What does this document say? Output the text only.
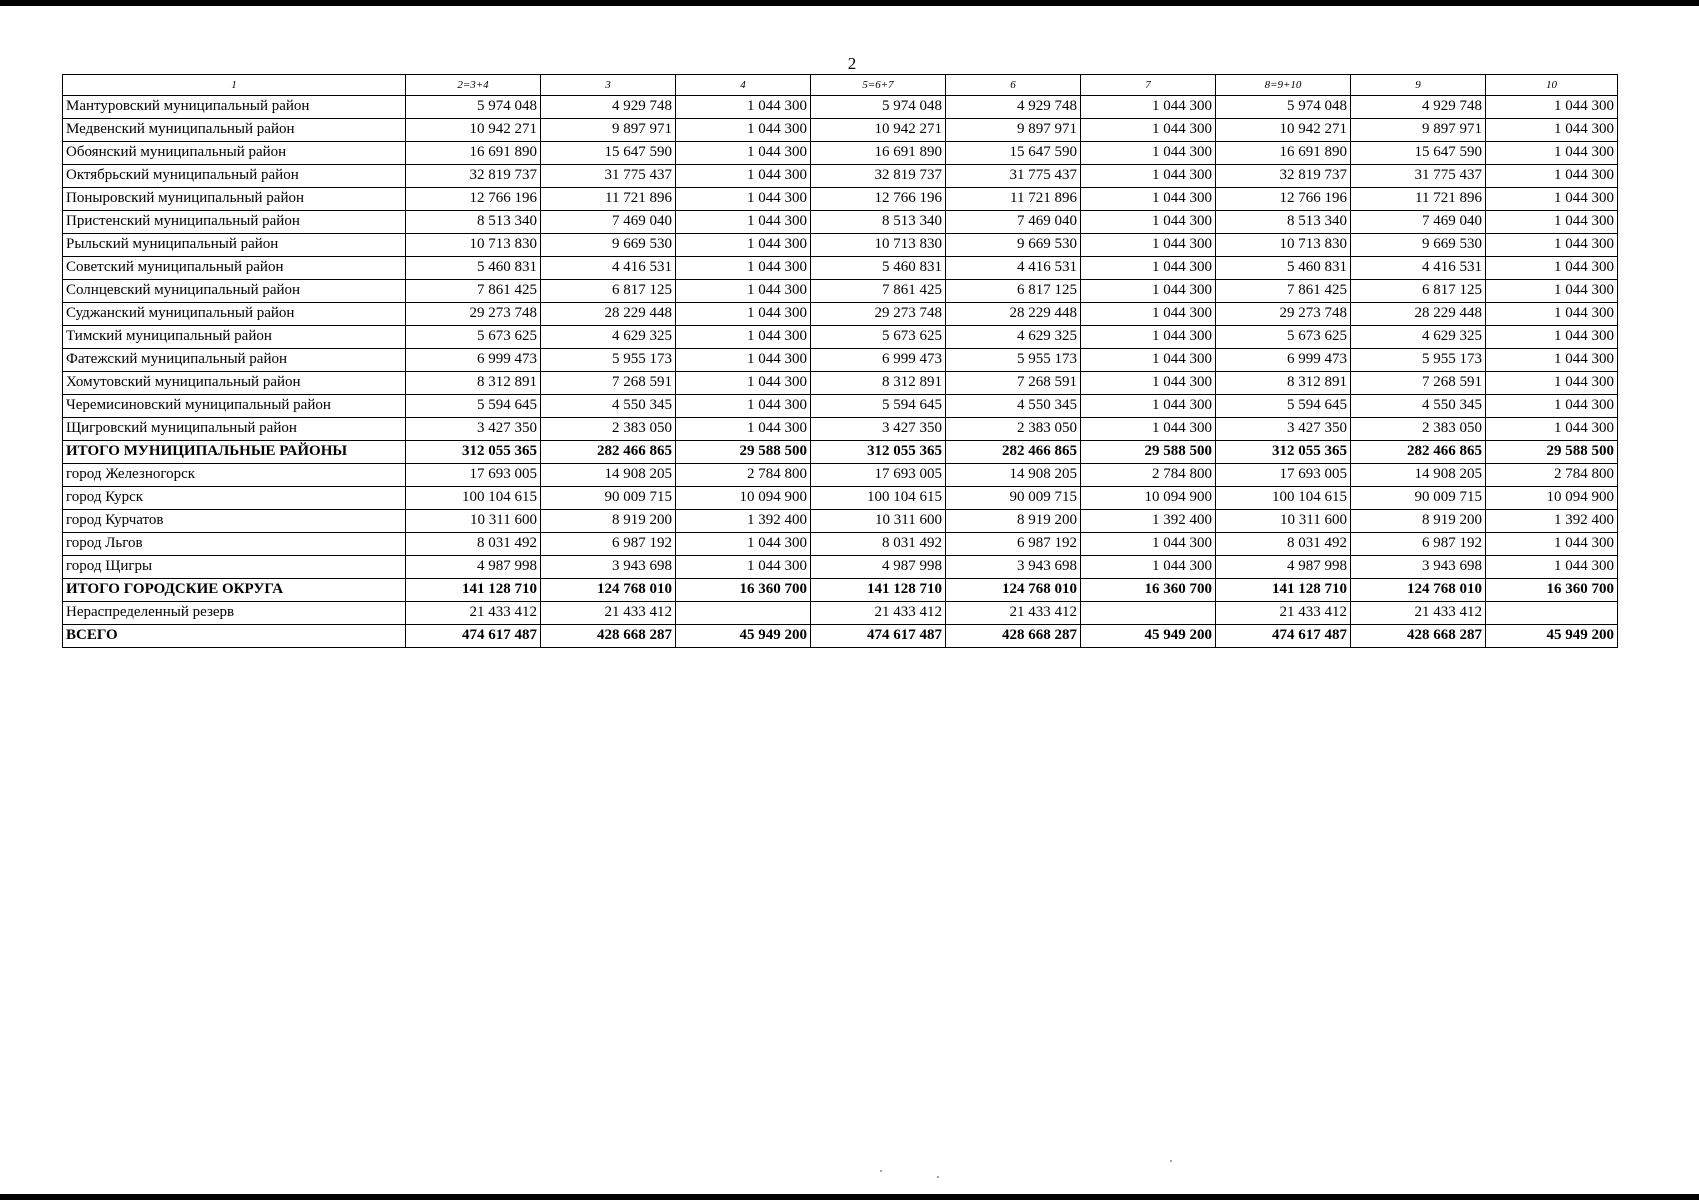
2
1	2=3+4	3	4	5=6+7	6	7	8=9+10	9	10
Мантуровский муниципальный район	5 974 048	4 929 748	1 044 300	5 974 048	4 929 748	1 044 300	5 974 048	4 929 748	1 044 300
Медвенский муниципальный район	10 942 271	9 897 971	1 044 300	10 942 271	9 897 971	1 044 300	10 942 271	9 897 971	1 044 300
Обоянский муниципальный район	16 691 890	15 647 590	1 044 300	16 691 890	15 647 590	1 044 300	16 691 890	15 647 590	1 044 300
Октябрьский муниципальный район	32 819 737	31 775 437	1 044 300	32 819 737	31 775 437	1 044 300	32 819 737	31 775 437	1 044 300
Поныровский муниципальный район	12 766 196	11 721 896	1 044 300	12 766 196	11 721 896	1 044 300	12 766 196	11 721 896	1 044 300
Пристенский муниципальный район	8 513 340	7 469 040	1 044 300	8 513 340	7 469 040	1 044 300	8 513 340	7 469 040	1 044 300
Рыльский муниципальный район	10 713 830	9 669 530	1 044 300	10 713 830	9 669 530	1 044 300	10 713 830	9 669 530	1 044 300
Советский муниципальный район	5 460 831	4 416 531	1 044 300	5 460 831	4 416 531	1 044 300	5 460 831	4 416 531	1 044 300
Солнцевский муниципальный район	7 861 425	6 817 125	1 044 300	7 861 425	6 817 125	1 044 300	7 861 425	6 817 125	1 044 300
Суджанский муниципальный район	29 273 748	28 229 448	1 044 300	29 273 748	28 229 448	1 044 300	29 273 748	28 229 448	1 044 300
Тимский муниципальный район	5 673 625	4 629 325	1 044 300	5 673 625	4 629 325	1 044 300	5 673 625	4 629 325	1 044 300
Фатежский муниципальный район	6 999 473	5 955 173	1 044 300	6 999 473	5 955 173	1 044 300	6 999 473	5 955 173	1 044 300
Хомутовский муниципальный район	8 312 891	7 268 591	1 044 300	8 312 891	7 268 591	1 044 300	8 312 891	7 268 591	1 044 300
Черемисиновский муниципальный район	5 594 645	4 550 345	1 044 300	5 594 645	4 550 345	1 044 300	5 594 645	4 550 345	1 044 300
Щигровский муниципальный район	3 427 350	2 383 050	1 044 300	3 427 350	2 383 050	1 044 300	3 427 350	2 383 050	1 044 300
ИТОГО МУНИЦИПАЛЬНЫЕ РАЙОНЫ	312 055 365	282 466 865	29 588 500	312 055 365	282 466 865	29 588 500	312 055 365	282 466 865	29 588 500
город Железногорск	17 693 005	14 908 205	2 784 800	17 693 005	14 908 205	2 784 800	17 693 005	14 908 205	2 784 800
город Курск	100 104 615	90 009 715	10 094 900	100 104 615	90 009 715	10 094 900	100 104 615	90 009 715	10 094 900
город Курчатов	10 311 600	8 919 200	1 392 400	10 311 600	8 919 200	1 392 400	10 311 600	8 919 200	1 392 400
город Льгов	8 031 492	6 987 192	1 044 300	8 031 492	6 987 192	1 044 300	8 031 492	6 987 192	1 044 300
город Щигры	4 987 998	3 943 698	1 044 300	4 987 998	3 943 698	1 044 300	4 987 998	3 943 698	1 044 300
ИТОГО ГОРОДСКИЕ ОКРУГА	141 128 710	124 768 010	16 360 700	141 128 710	124 768 010	16 360 700	141 128 710	124 768 010	16 360 700
Нераспределенный резерв	21 433 412	21 433 412		21 433 412	21 433 412		21 433 412	21 433 412	
ВСЕГО	474 617 487	428 668 287	45 949 200	474 617 487	428 668 287	45 949 200	474 617 487	428 668 287	45 949 200
